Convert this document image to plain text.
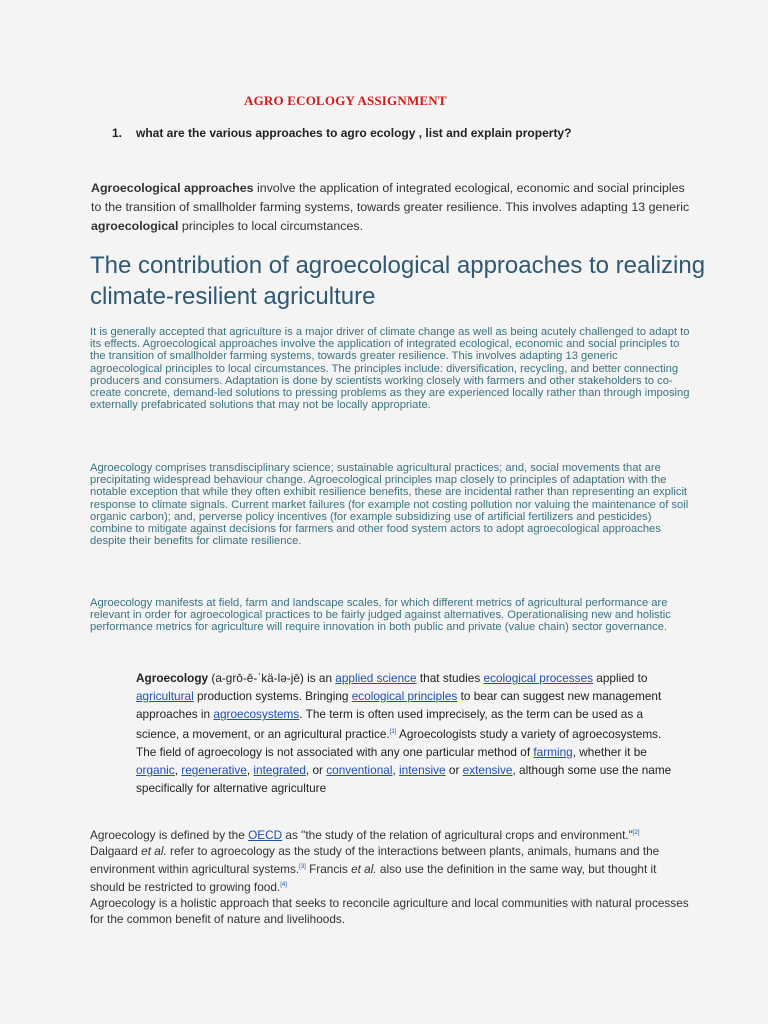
AGRO ECOLOGY ASSIGNMENT
1. what are the various approaches to agro ecology , list and explain property?

Agroecological approaches involve the application of integrated ecological, economic and social principles to the transition of smallholder farming systems, towards greater resilience. This involves adapting 13 generic agroecological principles to local circumstances.

The contribution of agroecological approaches to realizing climate-resilient agriculture

It is generally accepted that agriculture is a major driver of climate change as well as being acutely challenged to adapt to its effects. Agroecological approaches involve the application of integrated ecological, economic and social principles to the transition of smallholder farming systems, towards greater resilience. This involves adapting 13 generic agroecological principles to local circumstances. The principles include: diversification, recycling, and better connecting producers and consumers. Adaptation is done by scientists working closely with farmers and other stakeholders to co-create concrete, demand-led solutions to pressing problems as they are experienced locally rather than through imposing externally prefabricated solutions that may not be locally appropriate.

Agroecology comprises transdisciplinary science; sustainable agricultural practices; and, social movements that are precipitating widespread behaviour change. Agroecological principles map closely to principles of adaptation with the notable exception that while they often exhibit resilience benefits, these are incidental rather than representing an explicit response to climate signals. Current market failures (for example not costing pollution nor valuing the maintenance of soil organic carbon); and, perverse policy incentives (for example subsidizing use of artificial fertilizers and pesticides) combine to mitigate against decisions for farmers and other food system actors to adopt agroecological approaches despite their benefits for climate resilience.

Agroecology manifests at field, farm and landscape scales, for which different metrics of agricultural performance are relevant in order for agroecological practices to be fairly judged against alternatives. Operationalising new and holistic performance metrics for agriculture will require innovation in both public and private (value chain) sector governance.

Agroecology (a-grō-ē-ˈkä-lə-jē) is an applied science that studies ecological processes applied to agricultural production systems. Bringing ecological principles to bear can suggest new management approaches in agroecosystems. The term is often used imprecisely, as the term can be used as a science, a movement, or an agricultural practice.[1] Agroecologists study a variety of agroecosystems. The field of agroecology is not associated with any one particular method of farming, whether it be organic, regenerative, integrated, or conventional, intensive or extensive, although some use the name specifically for alternative agriculture

Agroecology is defined by the OECD as "the study of the relation of agricultural crops and environment."[2] Dalgaard et al. refer to agroecology as the study of the interactions between plants, animals, humans and the environment within agricultural systems.[3] Francis et al. also use the definition in the same way, but thought it should be restricted to growing food.[4]

Agroecology is a holistic approach that seeks to reconcile agriculture and local communities with natural processes for the common benefit of nature and livelihoods.
